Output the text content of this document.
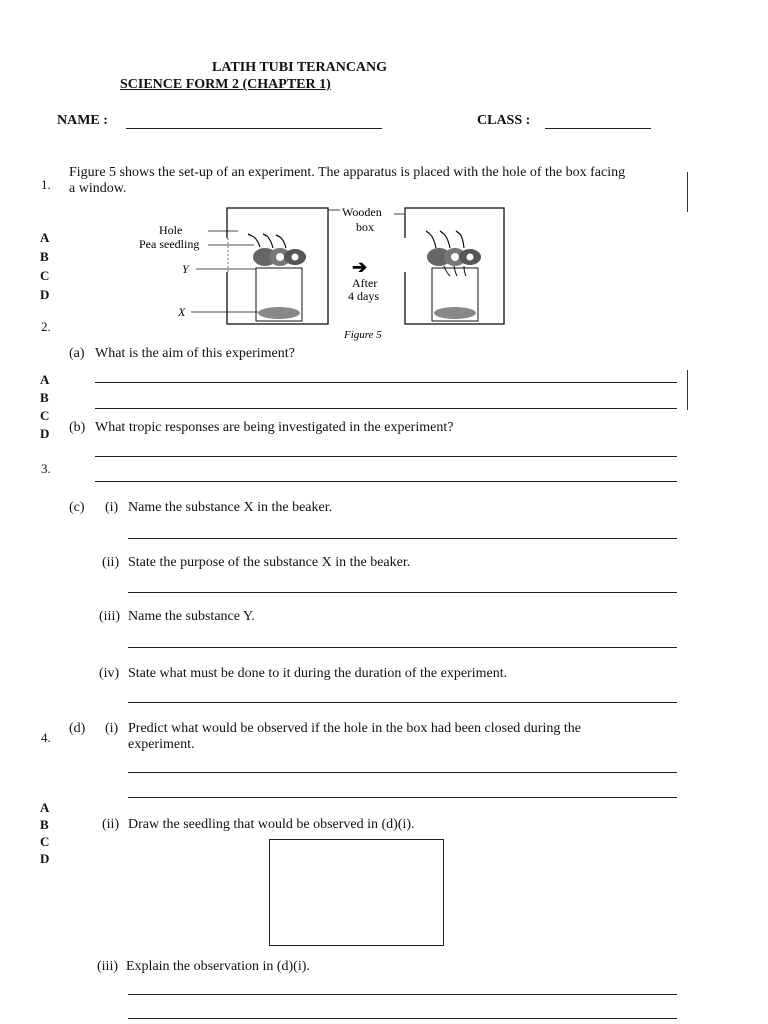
LATIH TUBI TERANCANG
SCIENCE FORM 2 (CHAPTER 1)
NAME :	CLASS :
1.
2.
3.
4.
A
B
C
D
A
B
C
D
A
B
C
D
Figure 5 shows the set-up of an experiment. The apparatus is placed with the hole of the box facing
a window.
Hole
Pea seedling
Y
X
Wooden
box
➔
After
4 days
Figure 5
(a) What is the aim of this experiment?
(b) What tropic responses are being investigated in the experiment?
(c) (i) Name the substance X in the beaker.
(ii) State the purpose of the substance X in the beaker.
(iii) Name the substance Y.
(iv) State what must be done to it during the duration of the experiment.
(d) (i) Predict what would be observed if the hole in the box had been closed during the
experiment.
(ii) Draw the seedling that would be observed in (d)(i).
(iii) Explain the observation in (d)(i).
